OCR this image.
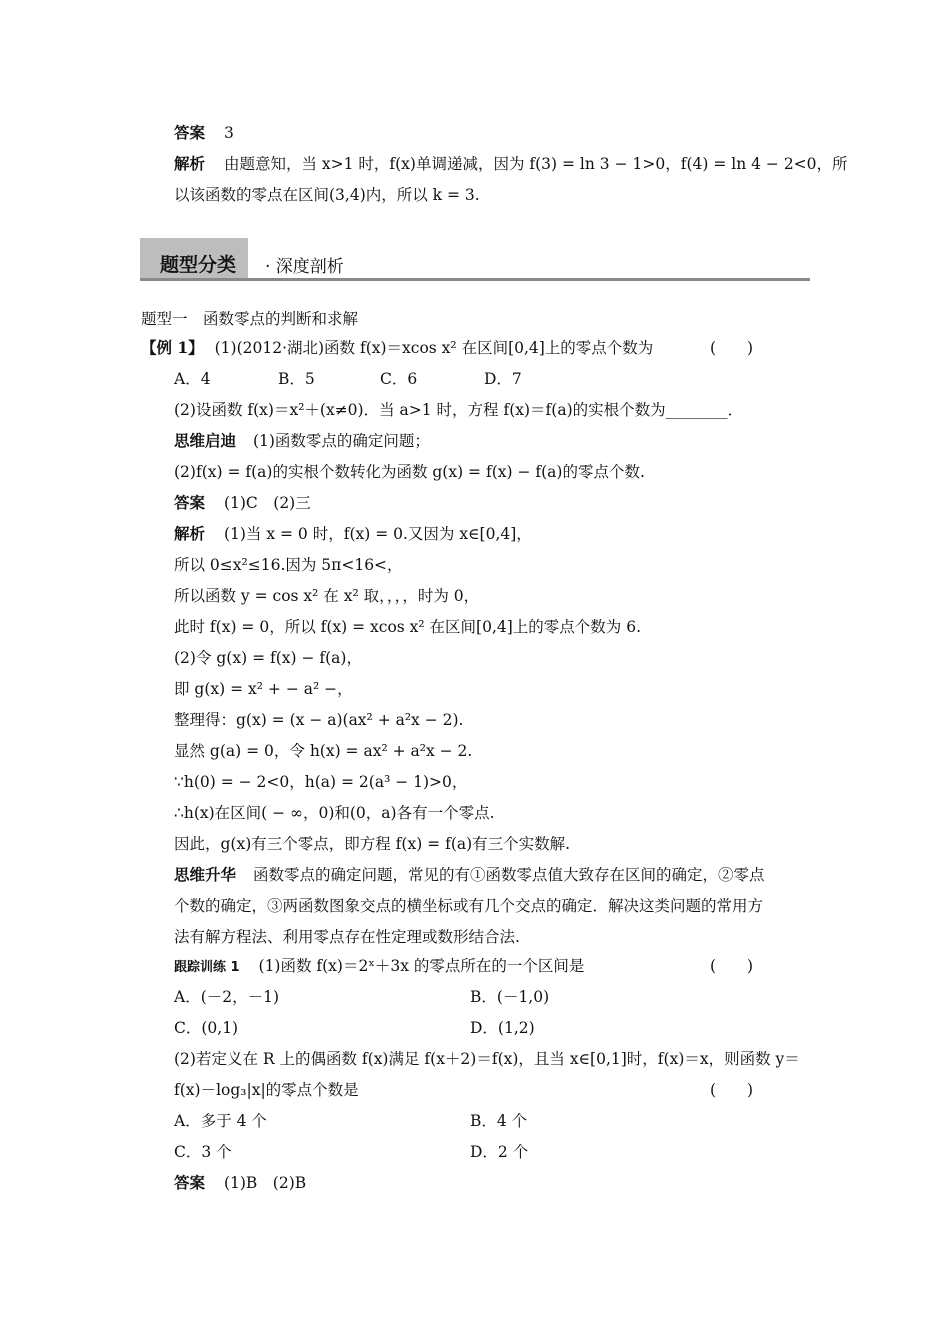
答案 3
解析 由题意知，当 x>1 时，f(x)单调递减，因为 f(3) = ln 3 − 1>0，f(4) = ln 4 − 2<0，所
以该函数的零点在区间(3,4)内，所以 k = 3.
题型分类 · 深度剖析
题型一　函数零点的判断和求解
【例 1】 (1)(2012·湖北)函数 f(x)＝xcos x² 在区间[0,4]上的零点个数为	(　　)
A．4	B．5	C．6	D．7
(2)设函数 f(x)＝x²＋(x≠0)．当 a>1 时，方程 f(x)＝f(a)的实根个数为________．
思维启迪 (1)函数零点的确定问题；
(2)f(x) = f(a)的实根个数转化为函数 g(x) = f(x) − f(a)的零点个数.
答案 (1)C　(2)三
解析 (1)当 x = 0 时，f(x) = 0.又因为 x∈[0,4]，
所以 0≤x²≤16.因为 5π<16<，
所以函数 y = cos x² 在 x² 取，，，，时为 0，
此时 f(x) = 0，所以 f(x) = xcos x² 在区间[0,4]上的零点个数为 6.
(2)令 g(x) = f(x) − f(a)，
即 g(x) = x² + − a² −，
整理得：g(x) = (x − a)(ax² + a²x − 2).
显然 g(a) = 0，令 h(x) = ax² + a²x − 2.
∵h(0) = − 2<0，h(a) = 2(a³ − 1)>0，
∴h(x)在区间( − ∞，0)和(0，a)各有一个零点.
因此，g(x)有三个零点，即方程 f(x) = f(a)有三个实数解.
思维升华 函数零点的确定问题，常见的有①函数零点值大致存在区间的确定，②零点
个数的确定，③两函数图象交点的横坐标或有几个交点的确定．解决这类问题的常用方
法有解方程法、利用零点存在性定理或数形结合法.
跟踪训练 1 (1)函数 f(x)＝2ˣ＋3x 的零点所在的一个区间是	(　　)
A．(－2，－1)	B．(－1,0)
C．(0,1)	D．(1,2)
(2)若定义在 R 上的偶函数 f(x)满足 f(x＋2)＝f(x)，且当 x∈[0,1]时，f(x)＝x，则函数 y＝
f(x)－log₃|x|的零点个数是	(　　)
A．多于 4 个	B．4 个
C．3 个	D．2 个
答案 (1)B　(2)B
